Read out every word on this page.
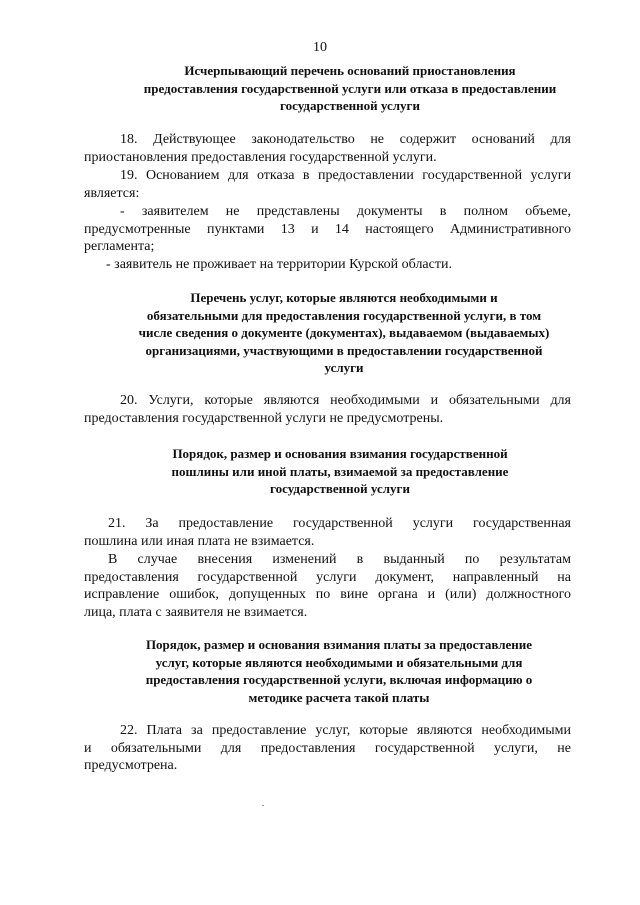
10
Исчерпывающий перечень оснований приостановления
предоставления государственной услуги или отказа в предоставлении
государственной услуги
18. Действующее законодательство не содержит оснований для
приостановления предоставления государственной услуги.
19. Основанием для отказа в предоставлении государственной услуги
является:
- заявителем не представлены документы в полном объеме,
предусмотренные пунктами 13 и 14 настоящего Административного
регламента;
- заявитель не проживает на территории Курской области.
Перечень услуг, которые являются необходимыми и
обязательными для предоставления государственной услуги, в том
числе сведения о документе (документах), выдаваемом (выдаваемых)
организациями, участвующими в предоставлении государственной
услуги
20. Услуги, которые являются необходимыми и обязательными для
предоставления государственной услуги не предусмотрены.
Порядок, размер и основания взимания государственной
пошлины или иной платы, взимаемой за предоставление
государственной услуги
21. За предоставление государственной услуги государственная
пошлина или иная плата не взимается.
В случае внесения изменений в выданный по результатам
предоставления государственной услуги документ, направленный на
исправление ошибок, допущенных по вине органа и (или) должностного
лица, плата с заявителя не взимается.
Порядок, размер и основания взимания платы за предоставление
услуг, которые являются необходимыми и обязательными для
предоставления государственной услуги, включая информацию о
методике расчета такой платы
22. Плата за предоставление услуг, которые являются необходимыми
и обязательными для предоставления государственной услуги, не
предусмотрена.
